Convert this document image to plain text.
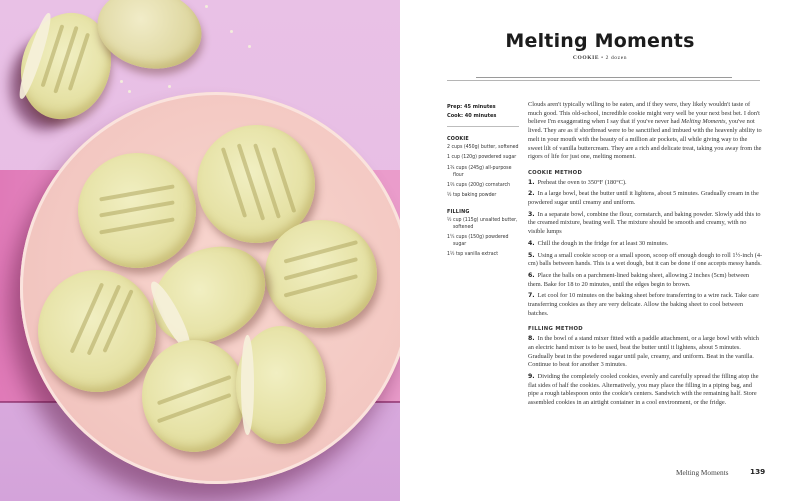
Melting Moments
COOKIE • 2 dozen
Prep: 45 minutes
Cook: 40 minutes
COOKIE
2 cups (450g) butter, softened
1 cup (120g) powdered sugar
1¾ cups (245g) all-purpose flour
1⅔ cups (200g) cornstarch
½ tsp baking powder
FILLING
½ cup (115g) unsalted butter, softened
1¼ cups (150g) powdered sugar
1½ tsp vanilla extract

Clouds aren't typically willing to be eaten, and if they were, they likely wouldn't taste of much good. This old-school, incredible cookie might very well be your next best bet. I don't believe I'm exaggerating when I say that if you've never had Melting Moments, you've not lived. They are as if shortbread were to be sanctified and imbued with the heavenly ability to melt in your mouth with the beauty of a million air pockets, all while giving way to the sweet lilt of vanilla buttercream. They are a rich and delicate treat, taking you away from the rigors of life for just one, melting moment.

COOKIE METHOD

1. Preheat the oven to 350°F (180°C).

2. In a large bowl, beat the butter until it lightens, about 5 minutes. Gradually cream in the powdered sugar until creamy and uniform.

3. In a separate bowl, combine the flour, cornstarch, and baking powder. Slowly add this to the creamed mixture, beating well. The mixture should be smooth and creamy, with no visible lumps

4. Chill the dough in the fridge for at least 30 minutes.

5. Using a small cookie scoop or a small spoon, scoop off enough dough to roll 1½-inch (4-cm) balls between hands. This is a wet dough, but it can be done if one accepts messy hands.

6. Place the balls on a parchment-lined baking sheet, allowing 2 inches (5cm) between them. Bake for 18 to 20 minutes, until the edges begin to brown.

7. Let cool for 10 minutes on the baking sheet before transferring to a wire rack. Take care transferring cookies as they are very delicate. Allow the baking sheet to cool between batches.

FILLING METHOD

8. In the bowl of a stand mixer fitted with a paddle attachment, or a large bowl with which an electric hand mixer is to be used, beat the butter until it lightens, about 5 minutes. Gradually beat in the powdered sugar until pale, creamy, and uniform. Beat in the vanilla. Continue to beat for another 3 minutes.

9. Dividing the completely cooled cookies, evenly and carefully spread the filling atop the flat sides of half the cookies. Alternatively, you may place the filling in a piping bag, and pipe a rough tablespoon onto the cookie's centers. Sandwich with the remaining half. Store assembled cookies in an airtight container in a cool environment, or the fridge.

Melting Moments	139
